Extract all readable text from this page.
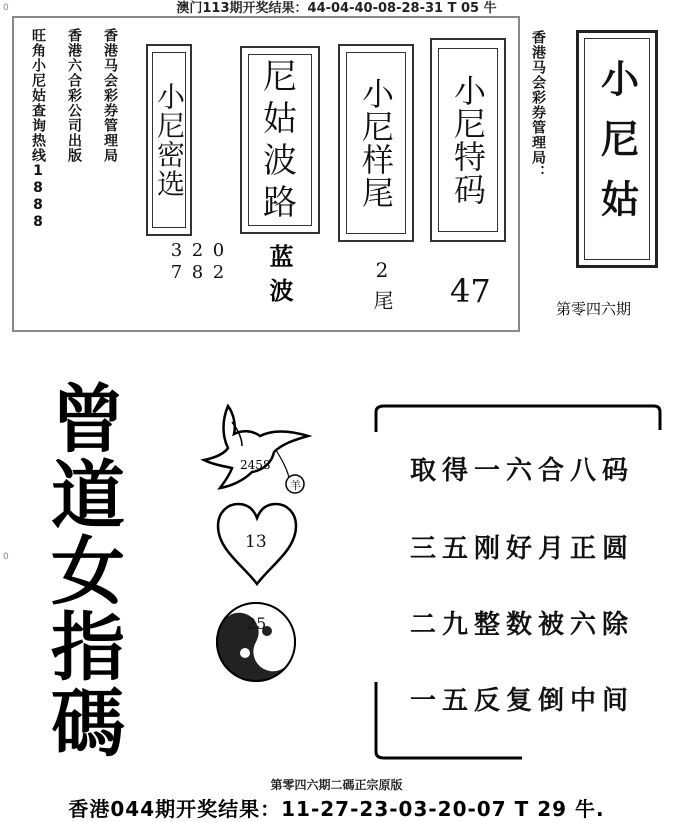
澳门113期开奖结果：44-04-40-08-28-31 T 05 牛
0
0
旺角小尼姑查询热线1888 香港六合彩公司出版 香港马会彩券管理局 小尼密选
02 28 37
尼姑波路
蓝波
小尼样尾
2尾
小尼特码
47
香港马会彩券管理局： 小尼姑
第零四六期
曾
道
女
指
碼
2458
羊
13
25
取得一六合八码
三五刚好月正圆
二九整数被六除
一五反复倒中间
第零四六期二碼正宗原版
香港044期开奖结果：11-27-23-03-20-07 T 29 牛.
